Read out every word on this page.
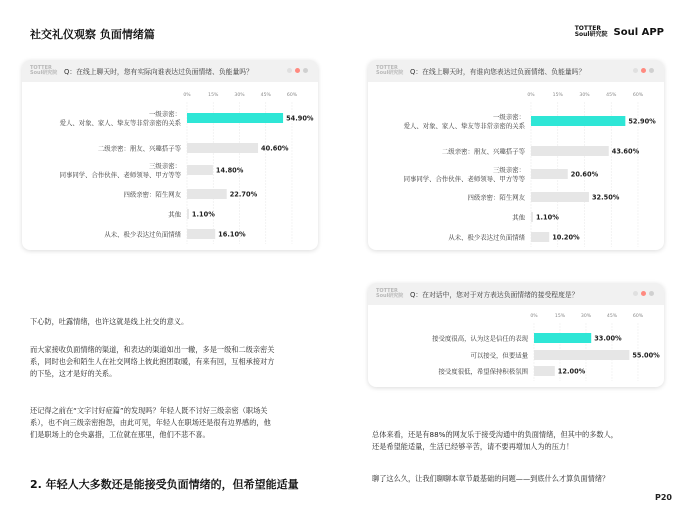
社交礼仪观察 负面情绪篇	TOTTER
Soul研究院 Soul APP
TOTTER Soul研究院 Q：在线上聊天时，您有实际向谁表达过负面情绪、负能量吗？
0%	15%	30%	45%	60%
54.90%
一级亲密：
爱人、对象、家人、挚友等非常亲密的关系
40.60%
二级亲密：朋友、兴趣搭子等
14.80%
三级亲密：
同事同学、合作伙伴、老师领导、甲方等等
22.70%
四级亲密：陌生网友
1.10%
其他
16.10%
从未、极少表达过负面情绪
TOTTER Soul研究院 Q：在线上聊天时，有谁向您表达过负面情绪、负能量吗？
0%	15%	30%	45%	60%
52.90%
一级亲密：
爱人、对象、家人、挚友等非常亲密的关系
43.60%
二级亲密：朋友、兴趣搭子等
20.60%
三级亲密：
同事同学、合作伙伴、老师领导、甲方等等
32.50%
四级亲密：陌生网友
1.10%
其他
10.20%
从未、极少表达过负面情绪
TOTTER Soul研究院 Q：在对话中，您对于对方表达负面情绪的接受程度是？
0%	15%	30%	45%	60%
33.00%
接受度很高，认为这是信任的表现
55.00%
可以接受，但要适量
12.00%
接受度很低，希望保持积极氛围
下心防，吐露情绪，也许这就是线上社交的意义。
而大家接收负面情绪的渠道，和表达的渠道如出一辙，多是一级和二级亲密关
系，同时也会和陌生人在社交网络上彼此抱团取暖，有来有回，互相承接对方
的下坠，这才是好的关系。
还记得之前在“文字讨好症篇”的发现吗？年轻人既不讨好三级亲密（职场关
系），也不向三级亲密抱怨，由此可见，年轻人在职场还是很有边界感的，他
们是职场上的仓央嘉措，工位就在那里，他们不悲不喜。
2. 年轻人大多数还是能接受负面情绪的，但希望能适量
总体来看，还是有88%的网友乐于接受沟通中的负面情绪，但其中的多数人，
还是希望能适量，生活已经够辛苦，请不要再增加人为的压力！
聊了这么久，让我们聊聊本章节最基础的问题——到底什么才算负面情绪？
P20
